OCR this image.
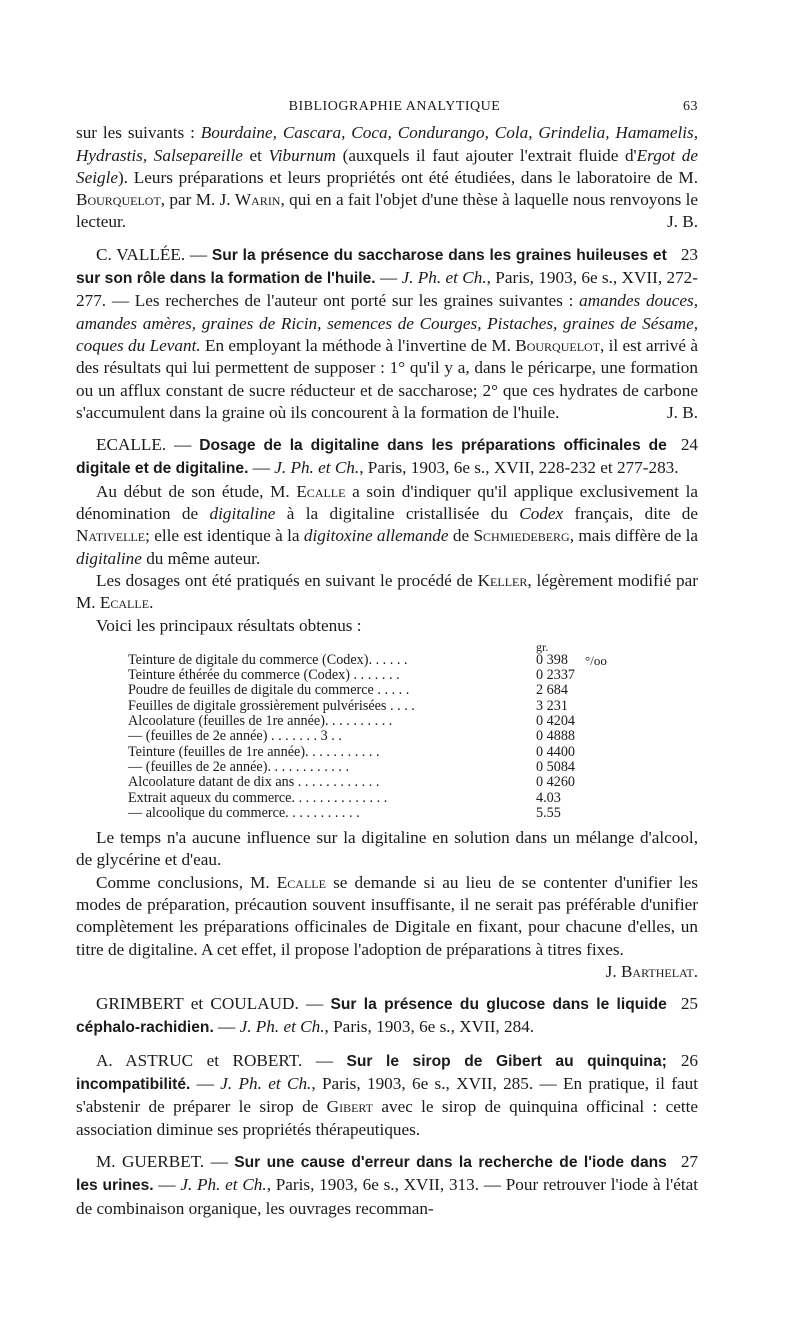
BIBLIOGRAPHIE ANALYTIQUE	63

sur les suivants : Bourdaine, Cascara, Coca, Condurango, Cola, Grindelia, Hamamelis, Hydrastis, Salsepareille et Viburnum (auxquels il faut ajouter l'extrait fluide d'Ergot de Seigle). Leurs préparations et leurs propriétés ont été étudiées, dans le laboratoire de M. Bourquelot, par M. J. Warin, qui en a fait l'objet d'une thèse à laquelle nous renvoyons le lecteur.	J. B.

23

C. VALLÉE. — Sur la présence du saccharose dans les graines huileuses et sur son rôle dans la formation de l'huile. — J. Ph. et Ch., Paris, 1903, 6e s., XVII, 272-277. — Les recherches de l'auteur ont porté sur les graines suivantes : amandes douces, amandes amères, graines de Ricin, semences de Courges, Pistaches, graines de Sésame, coques du Levant. En employant la méthode à l'invertine de M. Bourquelot, il est arrivé à des résultats qui lui permettent de supposer : 1° qu'il y a, dans le péricarpe, une formation ou un afflux constant de sucre réducteur et de saccharose; 2° que ces hydrates de carbone s'accumulent dans la graine où ils concourent à la formation de l'huile.	J. B.

24

ECALLE. — Dosage de la digitaline dans les préparations officinales de digitale et de digitaline. — J. Ph. et Ch., Paris, 1903, 6e s., XVII, 228-232 et 277-283.

Au début de son étude, M. Ecalle a soin d'indiquer qu'il applique exclusivement la dénomination de digitaline à la digitaline cristallisée du Codex français, dite de Nativelle; elle est identique à la digitoxine allemande de Schmiedeberg, mais diffère de la digitaline du même auteur.

Les dosages ont été pratiqués en suivant le procédé de Keller, légèrement modifié par M. Ecalle.

Voici les principaux résultats obtenus :

	gr.	
Teinture de digitale du commerce (Codex). . . . . .	0 398	°/oo
Teinture éthérée du commerce (Codex) . . . . . . .	0 2337	
Poudre de feuilles de digitale du commerce . . . . .	2 684	
Feuilles de digitale grossièrement pulvérisées . . . .	3 231	
Alcoolature (feuilles de 1re année). . . . . . . . . .	0 4204	
— (feuilles de 2e année) . . . . . . . 3 . .	0 4888	
Teinture (feuilles de 1re année). . . . . . . . . . .	0 4400	
— (feuilles de 2e année). . . . . . . . . . . .	0 5084	
Alcoolature datant de dix ans . . . . . . . . . . . .	0 4260	
Extrait aqueux du commerce. . . . . . . . . . . . . .	4.03	
— alcoolique du commerce. . . . . . . . . . .	5.55	

Le temps n'a aucune influence sur la digitaline en solution dans un mélange d'alcool, de glycérine et d'eau.

Comme conclusions, M. Ecalle se demande si au lieu de se contenter d'unifier les modes de préparation, précaution souvent insuffisante, il ne serait pas préférable d'unifier complètement les préparations officinales de Digitale en fixant, pour chacune d'elles, un titre de digitaline. A cet effet, il propose l'adoption de préparations à titres fixes.
J. Barthelat.

25

GRIMBERT et COULAUD. — Sur la présence du glucose dans le liquide céphalo-rachidien. — J. Ph. et Ch., Paris, 1903, 6e s., XVII, 284.

26

A. ASTRUC et ROBERT. — Sur le sirop de Gibert au quinquina; incompatibilité. — J. Ph. et Ch., Paris, 1903, 6e s., XVII, 285. — En pratique, il faut s'abstenir de préparer le sirop de Gibert avec le sirop de quinquina officinal : cette association diminue ses propriétés thérapeutiques.

27

M. GUERBET. — Sur une cause d'erreur dans la recherche de l'iode dans les urines. — J. Ph. et Ch., Paris, 1903, 6e s., XVII, 313. — Pour retrouver l'iode à l'état de combinaison organique, les ouvrages recomman-
